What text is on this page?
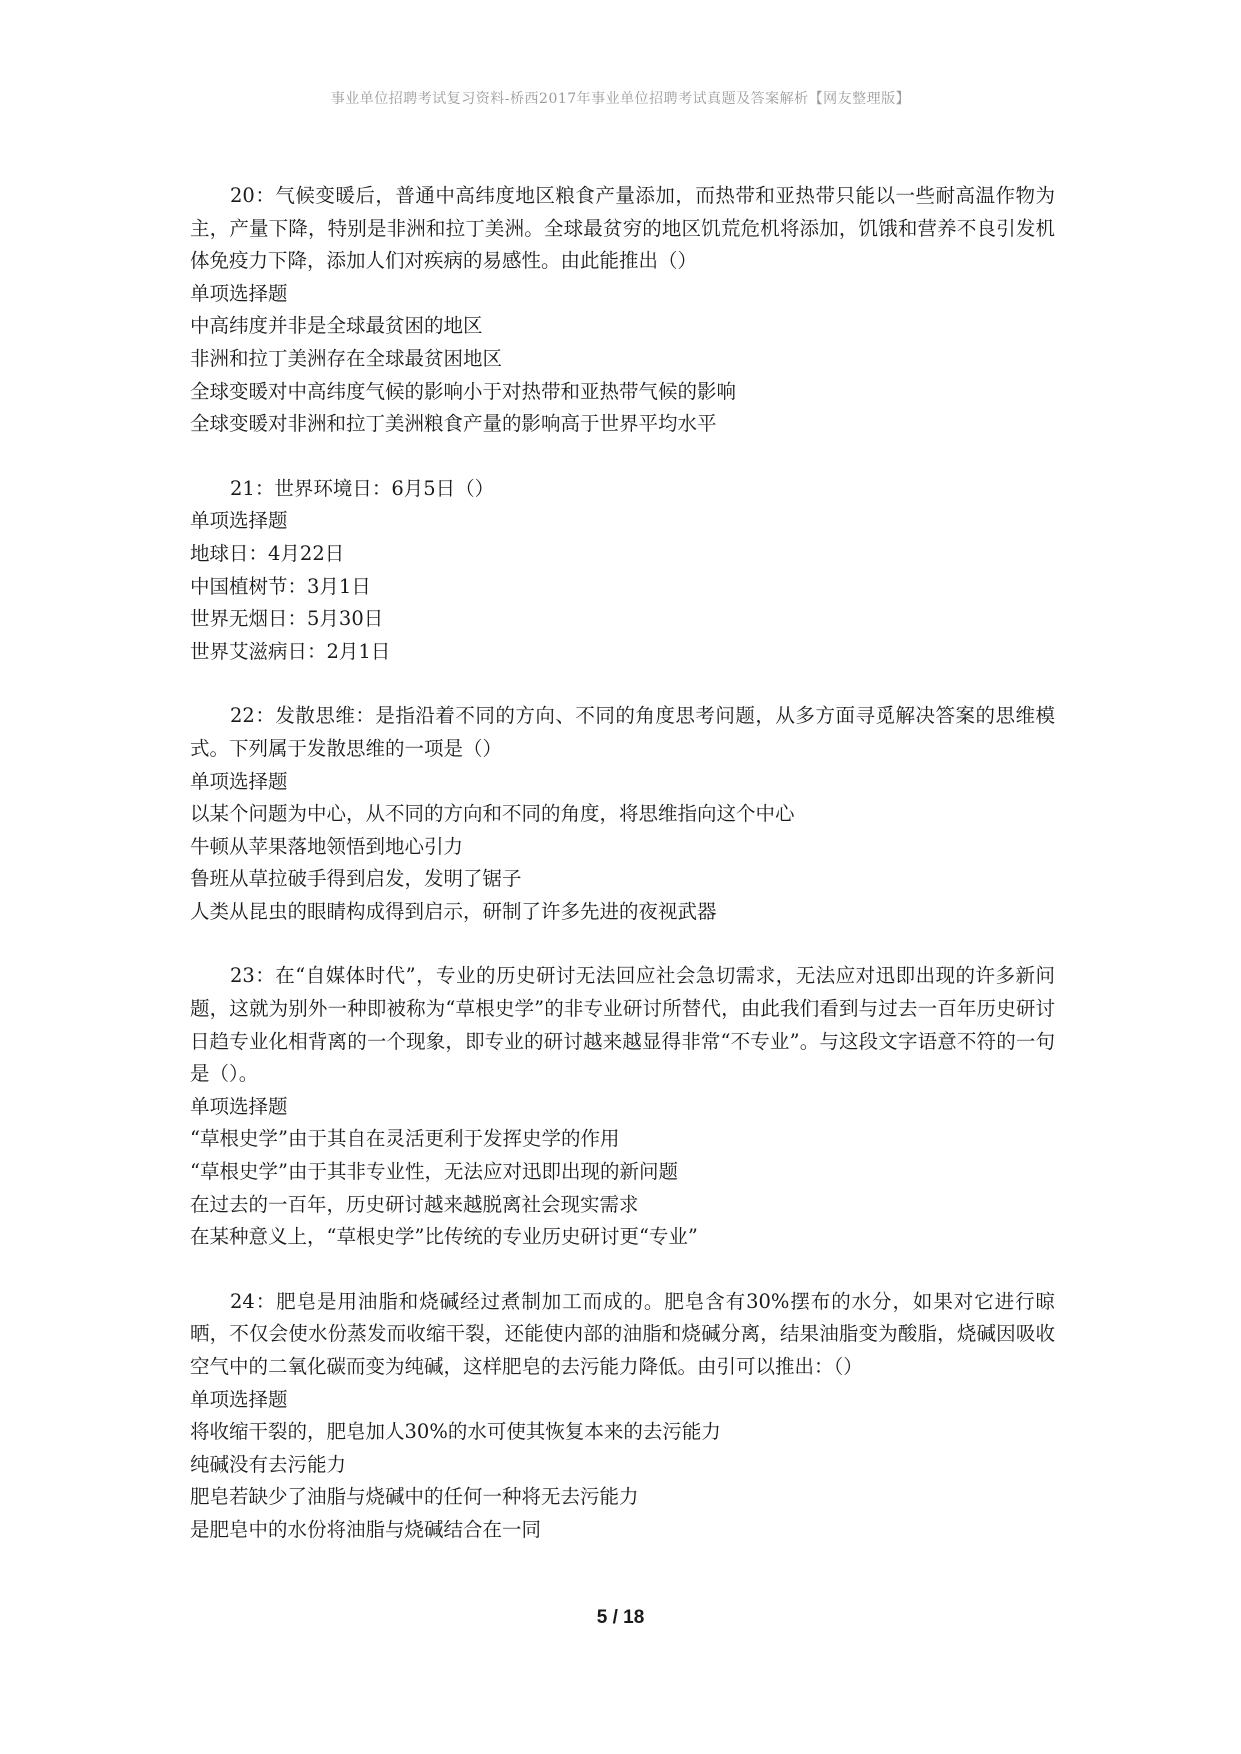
事业单位招聘考试复习资料-桥西2017年事业单位招聘考试真题及答案解析【网友整理版】

20：气候变暖后，普通中高纬度地区粮食产量添加，而热带和亚热带只能以一些耐高温作物为主，产量下降，特别是非洲和拉丁美洲。全球最贫穷的地区饥荒危机将添加，饥饿和营养不良引发机体免疫力下降，添加人们对疾病的易感性。由此能推出（）

单项选择题

中高纬度并非是全球最贫困的地区

非洲和拉丁美洲存在全球最贫困地区

全球变暖对中高纬度气候的影响小于对热带和亚热带气候的影响

全球变暖对非洲和拉丁美洲粮食产量的影响高于世界平均水平

21：世界环境日：6月5日（）

单项选择题

地球日：4月22日

中国植树节：3月1日

世界无烟日：5月30日

世界艾滋病日：2月1日

22：发散思维：是指沿着不同的方向、不同的角度思考问题，从多方面寻觅解决答案的思维模式。下列属于发散思维的一项是（）

单项选择题

以某个问题为中心，从不同的方向和不同的角度，将思维指向这个中心

牛顿从苹果落地领悟到地心引力

鲁班从草拉破手得到启发，发明了锯子

人类从昆虫的眼睛构成得到启示，研制了许多先进的夜视武器

23：在“自媒体时代”，专业的历史研讨无法回应社会急切需求，无法应对迅即出现的许多新问题，这就为别外一种即被称为“草根史学”的非专业研讨所替代，由此我们看到与过去一百年历史研讨日趋专业化相背离的一个现象，即专业的研讨越来越显得非常“不专业”。与这段文字语意不符的一句是（）。

单项选择题

“草根史学”由于其自在灵活更利于发挥史学的作用

“草根史学”由于其非专业性，无法应对迅即出现的新问题

在过去的一百年，历史研讨越来越脱离社会现实需求

在某种意义上，“草根史学”比传统的专业历史研讨更“专业”

24：肥皂是用油脂和烧碱经过煮制加工而成的。肥皂含有30%摆布的水分，如果对它进行晾晒，不仅会使水份蒸发而收缩干裂，还能使内部的油脂和烧碱分离，结果油脂变为酸脂，烧碱因吸收空气中的二氧化碳而变为纯碱，这样肥皂的去污能力降低。由引可以推出：（）

单项选择题

将收缩干裂的，肥皂加人30%的水可使其恢复本来的去污能力

纯碱没有去污能力

肥皂若缺少了油脂与烧碱中的任何一种将无去污能力

是肥皂中的水份将油脂与烧碱结合在一同

5 / 18
